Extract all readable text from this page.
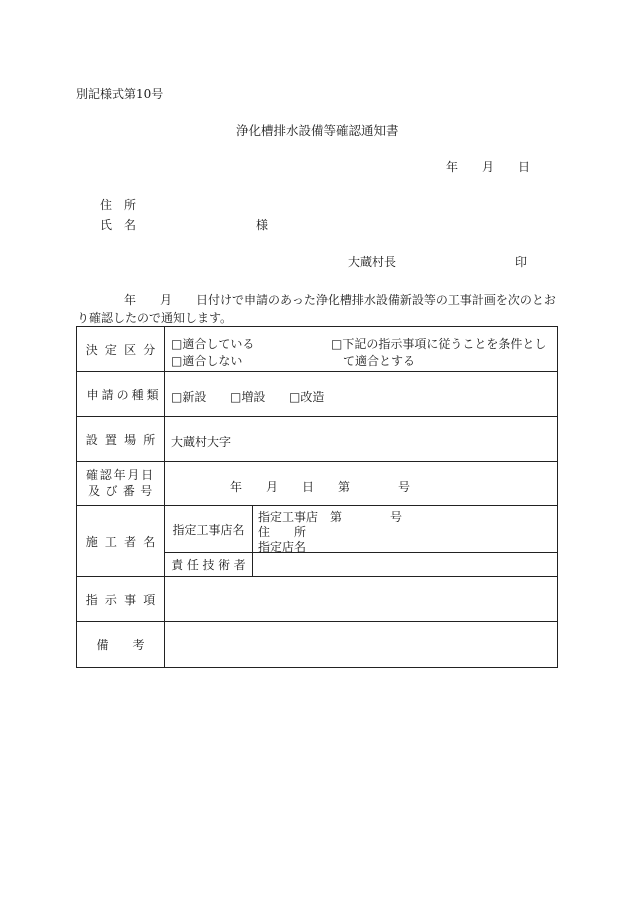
別記様式第10号
浄化槽排水設備等確認通知書
年　　月　　日
住　所
氏　名	様
大蔵村長	印
年　　月　　日付けで申請のあった浄化槽排水設備新設等の工事計画を次のとお
り確認したので通知します。
決定区分	□適合している
□適合しない
□下記の指示事項に従うことを条件とし
て適合とする	

申請の種類	□新設 □増設 □改造	

設置場所	大蔵村大字	

確認年月日
及び番号	年　　月　　日　　第　　　　号	

施工者名	指定工事店名	指定工事店　第　　　　号
住　　所
指定店名

	責任技術者	
指示事項		
備　　考		
